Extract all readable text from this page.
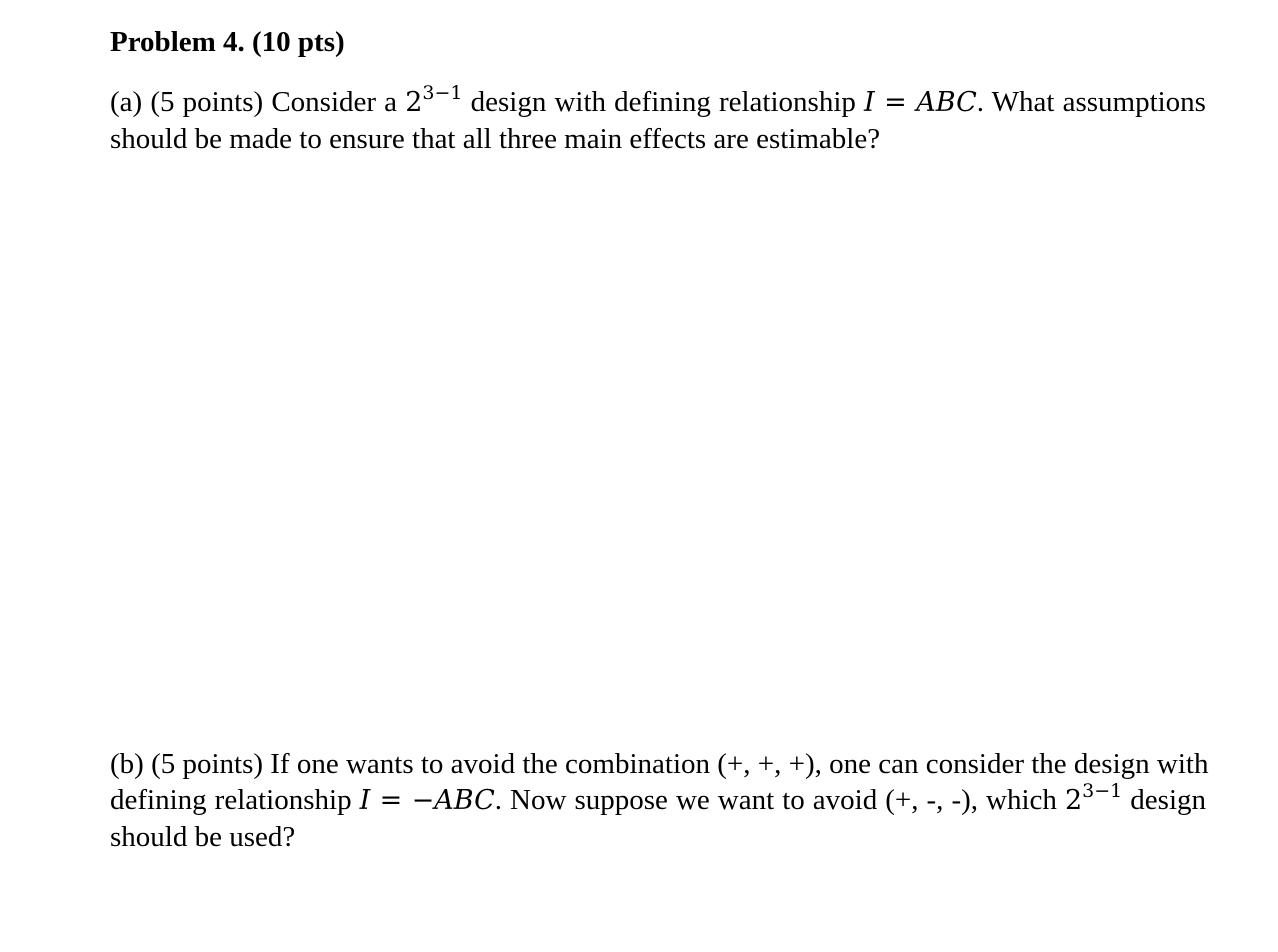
Problem 4. (10 pts)
(a) (5 points) Consider a $2^{3-1}$ design with defining relationship I = ABC. What assumptions
should be made to ensure that all three main effects are estimable?
(b) (5 points) If one wants to avoid the combination (+, +, +), one can consider the design with
defining relationship I = −ABC. Now suppose we want to avoid (+, -, -), which $2^{3-1}$ design
should be used?
